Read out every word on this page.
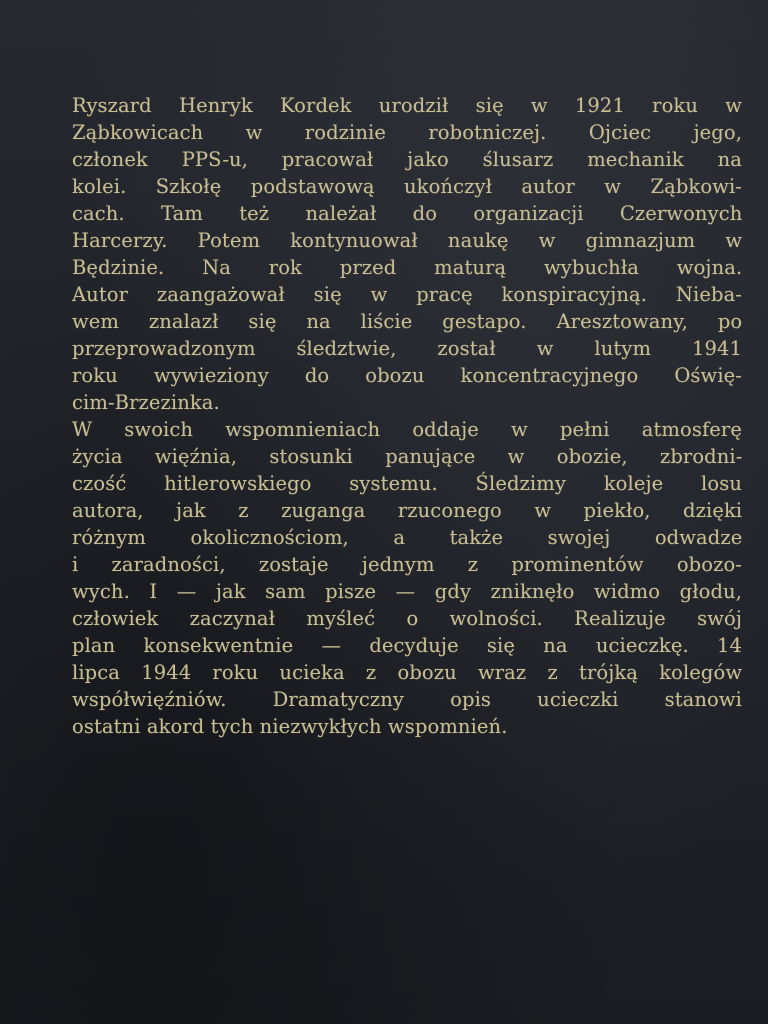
Ryszard Henryk Kordek urodził się w 1921 roku w
Ząbkowicach w rodzinie robotniczej. Ojciec jego,
członek PPS-u, pracował jako ślusarz mechanik na
kolei. Szkołę podstawową ukończył autor w Ząbkowi-
cach. Tam też należał do organizacji Czerwonych
Harcerzy. Potem kontynuował naukę w gimnazjum w
Będzinie. Na rok przed maturą wybuchła wojna.
Autor zaangażował się w pracę konspiracyjną. Nieba-
wem znalazł się na liście gestapo. Aresztowany, po
przeprowadzonym śledztwie, został w lutym 1941
roku wywieziony do obozu koncentracyjnego Oświę-
cim-Brzezinka.
W swoich wspomnieniach oddaje w pełni atmosferę
życia więźnia, stosunki panujące w obozie, zbrodni-
czość hitlerowskiego systemu. Śledzimy koleje losu
autora, jak z zuganga rzuconego w piekło, dzięki
różnym okolicznościom, a także swojej odwadze
i zaradności, zostaje jednym z prominentów obozo-
wych. I — jak sam pisze — gdy zniknęło widmo głodu,
człowiek zaczynał myśleć o wolności. Realizuje swój
plan konsekwentnie — decyduje się na ucieczkę. 14
lipca 1944 roku ucieka z obozu wraz z trójką kolegów
współwięźniów. Dramatyczny opis ucieczki stanowi
ostatni akord tych niezwykłych wspomnień.
